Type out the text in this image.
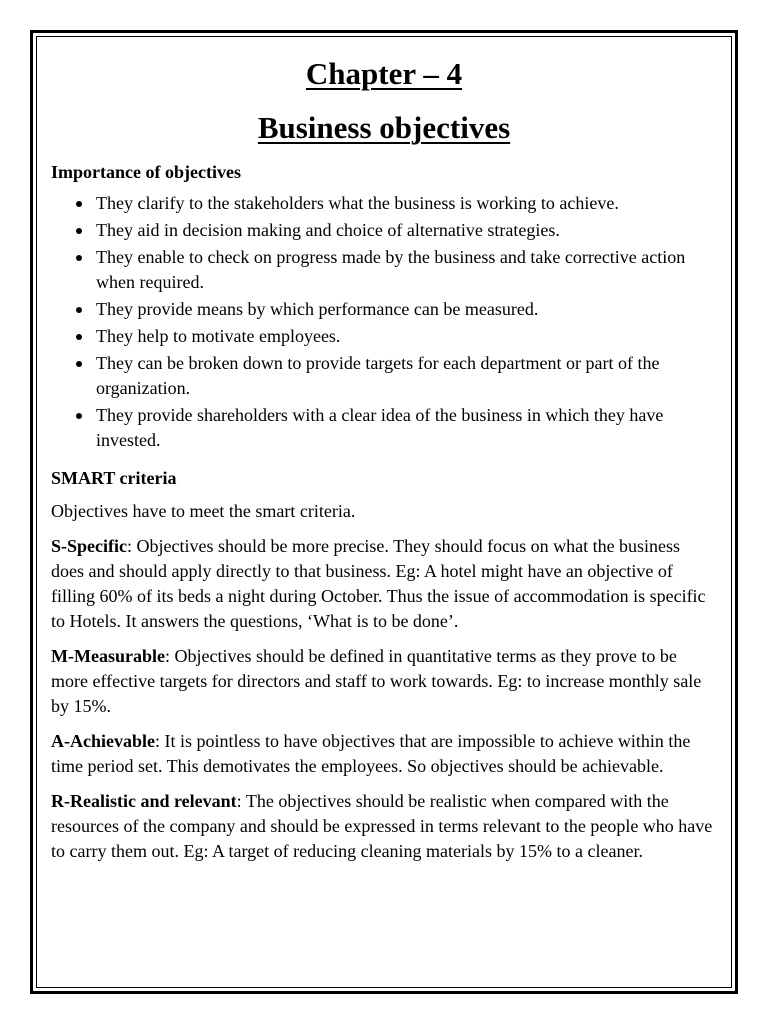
Chapter – 4
Business objectives
Importance of objectives
They clarify to the stakeholders what the business is working to achieve.
They aid in decision making and choice of alternative strategies.
They enable to check on progress made by the business and take corrective action when required.
They provide means by which performance can be measured.
They help to motivate employees.
They can be broken down to provide targets for each department or part of the organization.
They provide shareholders with a clear idea of the business in which they have invested.
SMART criteria

Objectives have to meet the smart criteria.

S-Specific: Objectives should be more precise. They should focus on what the business does and should apply directly to that business. Eg: A hotel might have an objective of filling 60% of its beds a night during October. Thus the issue of accommodation is specific to Hotels. It answers the questions, ‘What is to be done’.

M-Measurable: Objectives should be defined in quantitative terms as they prove to be more effective targets for directors and staff to work towards. Eg: to increase monthly sale by 15%.

A-Achievable: It is pointless to have objectives that are impossible to achieve within the time period set. This demotivates the employees. So objectives should be achievable.

R-Realistic and relevant: The objectives should be realistic when compared with the resources of the company and should be expressed in terms relevant to the people who have to carry them out. Eg: A target of reducing cleaning materials by 15% to a cleaner.
